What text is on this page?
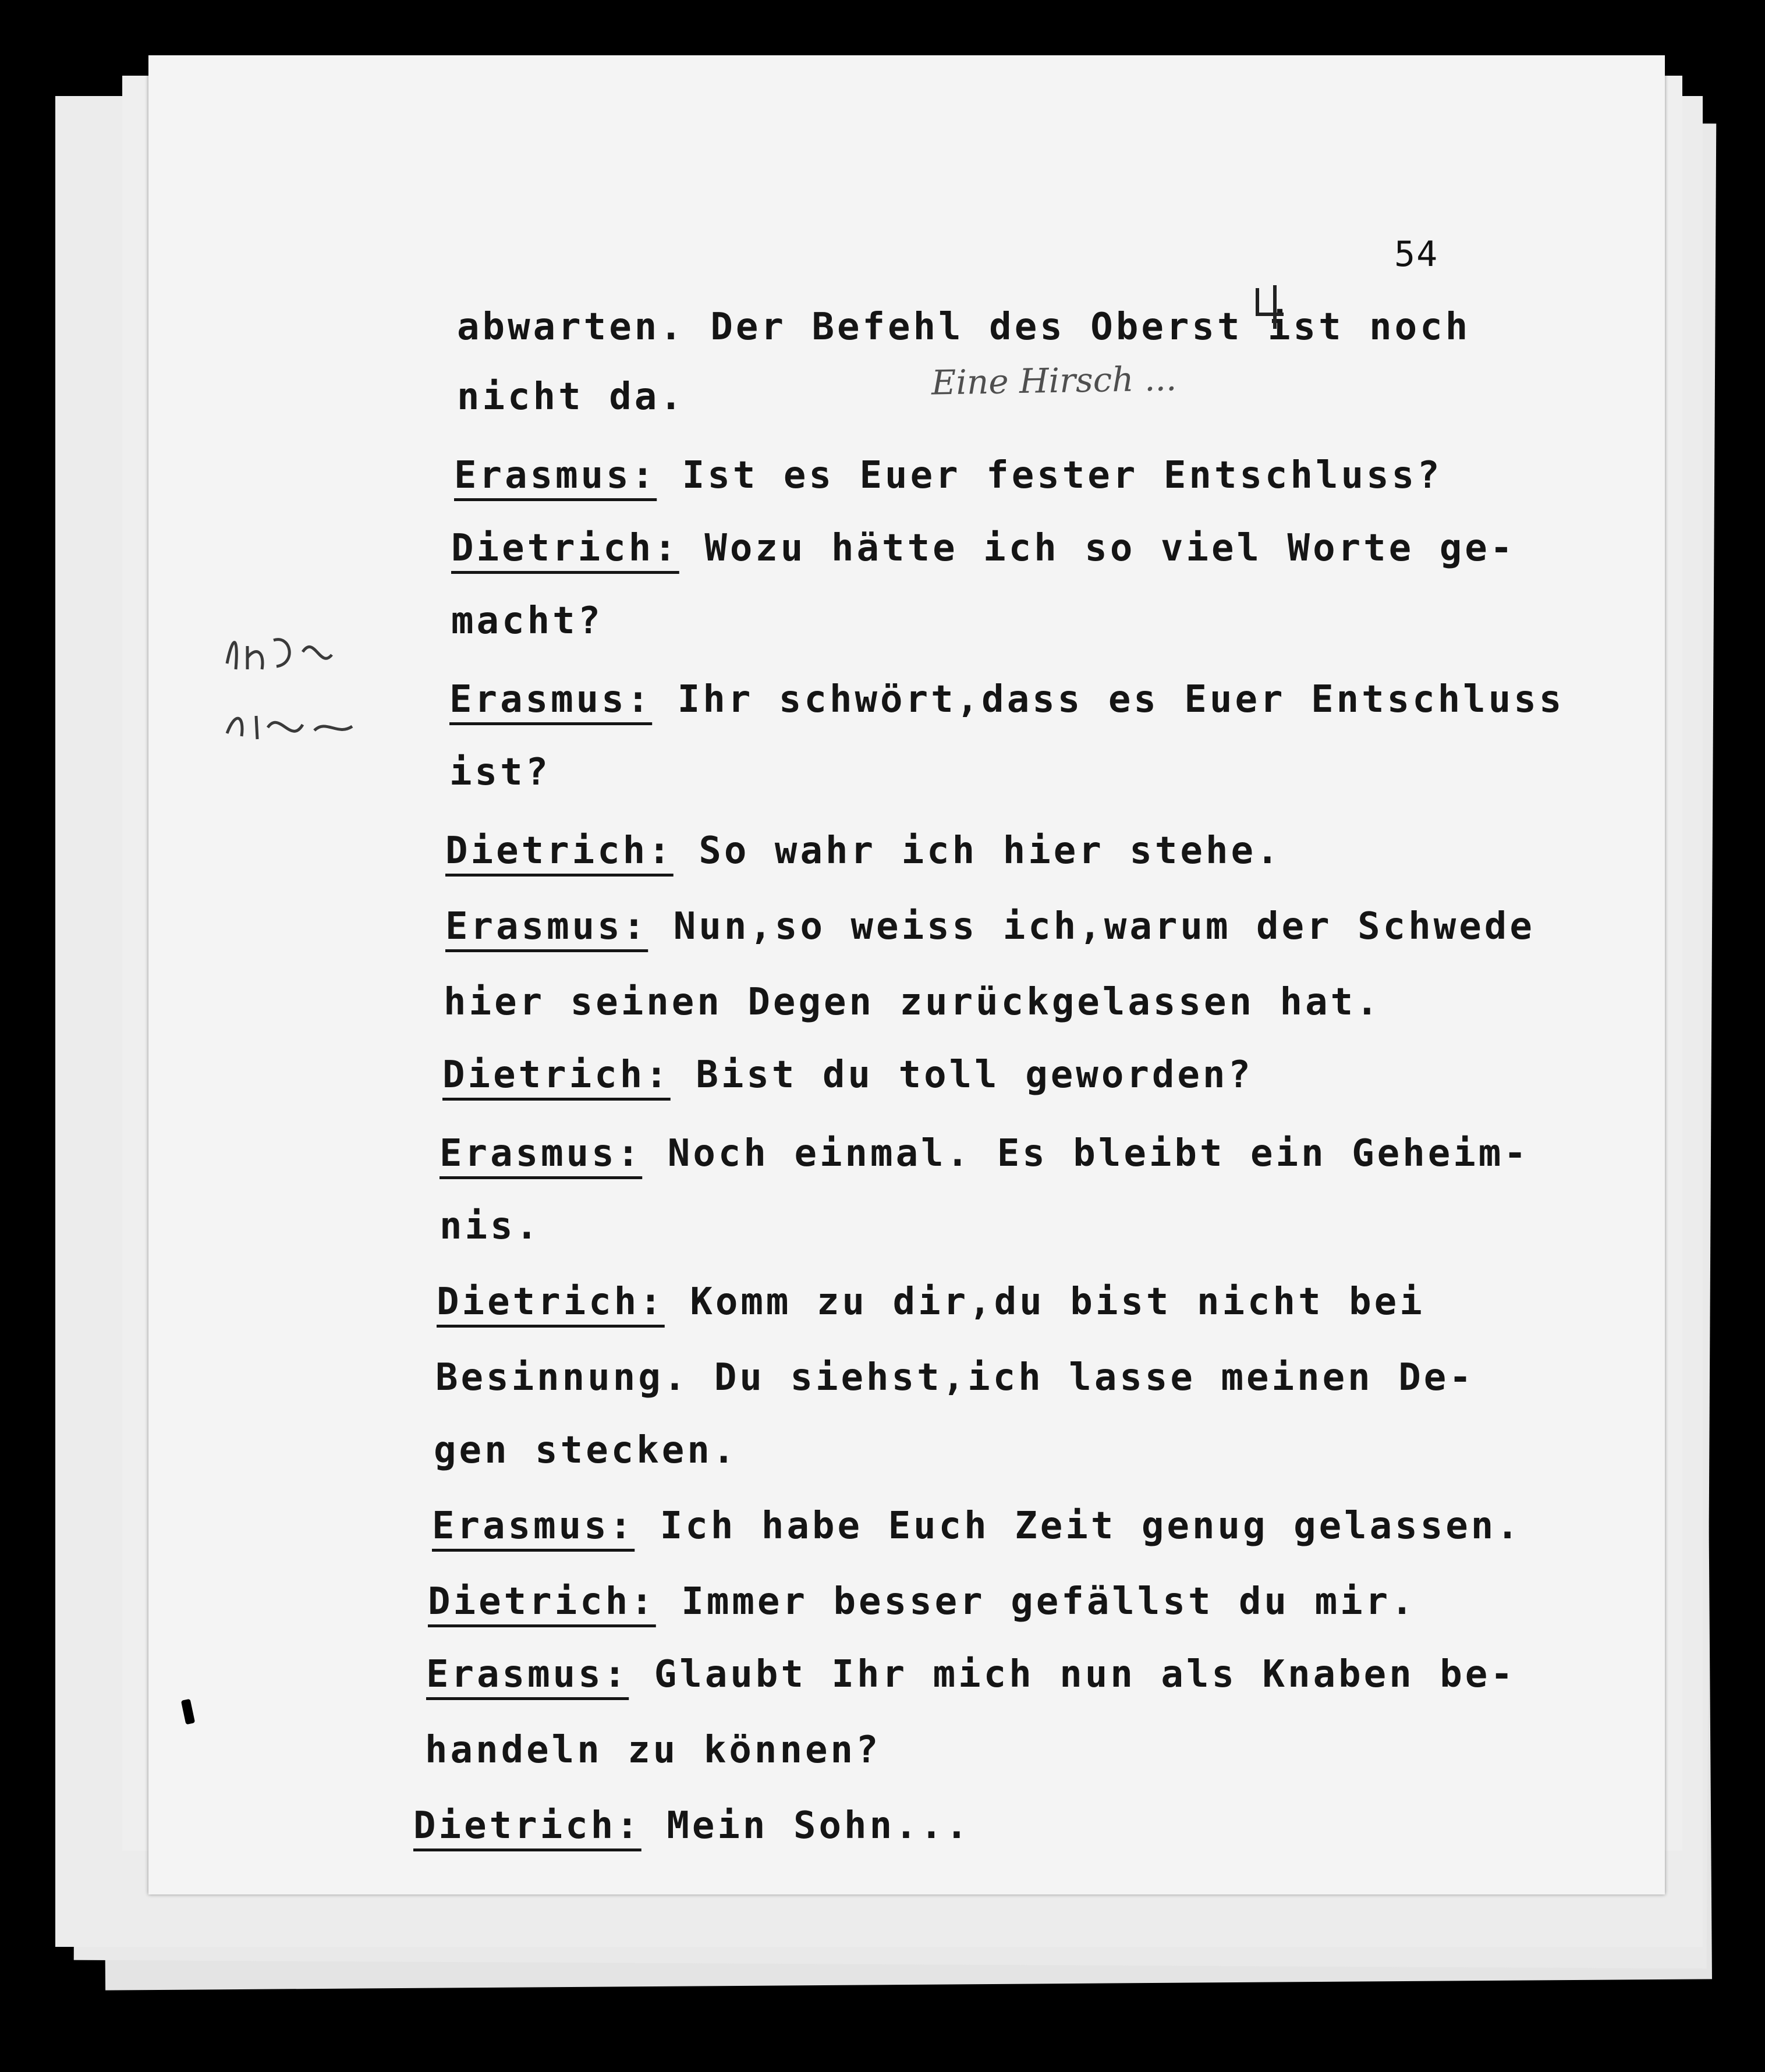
54
abwarten. Der Befehl des Oberst ist noch
nicht da.
Erasmus: Ist es Euer fester Entschluss?
Dietrich: Wozu hätte ich so viel Worte ge-
macht?
Erasmus: Ihr schwört,dass es Euer Entschluss
ist?
Dietrich: So wahr ich hier stehe.
Erasmus: Nun,so weiss ich,warum der Schwede
hier seinen Degen zurückgelassen hat.
Dietrich: Bist du toll geworden?
Erasmus: Noch einmal. Es bleibt ein Geheim-
nis.
Dietrich: Komm zu dir,du bist nicht bei
Besinnung. Du siehst,ich lasse meinen De-
gen stecken.
Erasmus: Ich habe Euch Zeit genug gelassen.
Dietrich: Immer besser gefällst du mir.
Erasmus: Glaubt Ihr mich nun als Knaben be-
handeln zu können?
Dietrich: Mein Sohn...
Eine Hirsch ...
